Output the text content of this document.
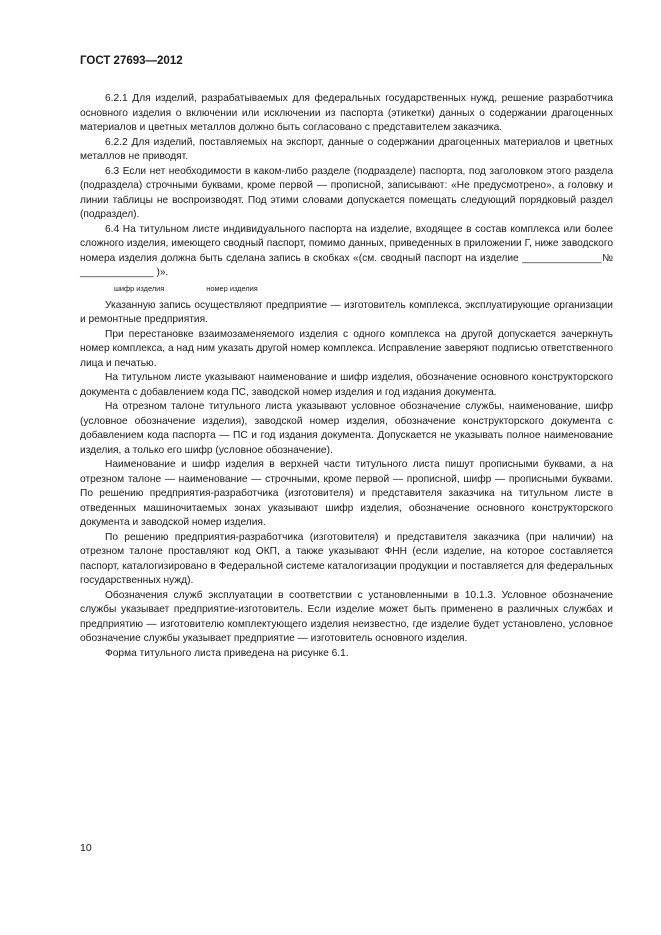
ГОСТ 27693—2012

6.2.1 Для изделий, разрабатываемых для федеральных государственных нужд, решение разработчика основного изделия о включении или исключении из паспорта (этикетки) данных о содержании драгоценных материалов и цветных металлов должно быть согласовано с представителем заказчика.

6.2.2 Для изделий, поставляемых на экспорт, данные о содержании драгоценных материалов и цветных металлов не приводят.

6.3 Если нет необходимости в каком-либо разделе (подразделе) паспорта, под заголовком этого раздела (подраздела) строчными буквами, кроме первой — прописной, записывают: «Не предусмотрено», а головку и линии таблицы не воспроизводят. Под этими словами допускается помещать следующий порядковый раздел (подраздел).

6.4 На титульном листе индивидуального паспорта на изделие, входящее в состав комплекса или более сложного изделия, имеющего сводный паспорт, помимо данных, приведенных в приложении Г, ниже заводского номера изделия должна быть сделана запись в скобках «(см. сводный паспорт на изделие ______________№ _____________ )».

шифр изделия	номер изделия

Указанную запись осуществляют предприятие — изготовитель комплекса, эксплуатирующие организации и ремонтные предприятия.

При перестановке взаимозаменяемого изделия с одного комплекса на другой допускается зачеркнуть номер комплекса, а над ним указать другой номер комплекса. Исправление заверяют подписью ответственного лица и печатью.

На титульном листе указывают наименование и шифр изделия, обозначение основного конструкторского документа с добавлением кода ПС, заводской номер изделия и год издания документа.

На отрезном талоне титульного листа указывают условное обозначение службы, наименование, шифр (условное обозначение изделия), заводской номер изделия, обозначение конструкторского документа с добавлением кода паспорта — ПС и год издания документа. Допускается не указывать полное наименование изделия, а только его шифр (условное обозначение).

Наименование и шифр изделия в верхней части титульного листа пишут прописными буквами, а на отрезном талоне — наименование — строчными, кроме первой — прописной, шифр — прописными буквами. По решению предприятия-разработчика (изготовителя) и представителя заказчика на титульном листе в отведенных машиночитаемых зонах указывают шифр изделия, обозначение основного конструкторского документа и заводской номер изделия.

По решению предприятия-разработчика (изготовителя) и представителя заказчика (при наличии) на отрезном талоне проставляют код ОКП, а также указывают ФНН (если изделие, на которое составляется паспорт, каталогизировано в Федеральной системе каталогизации продукции и поставляется для федеральных государственных нужд).

Обозначения служб эксплуатации в соответствии с установленными в 10.1.3. Условное обозначение службы указывает предприятие-изготовитель. Если изделие может быть применено в различных службах и предприятию — изготовителю комплектующего изделия неизвестно, где изделие будет установлено, условное обозначение службы указывает предприятие — изготовитель основного изделия.

Форма титульного листа приведена на рисунке 6.1.

10
